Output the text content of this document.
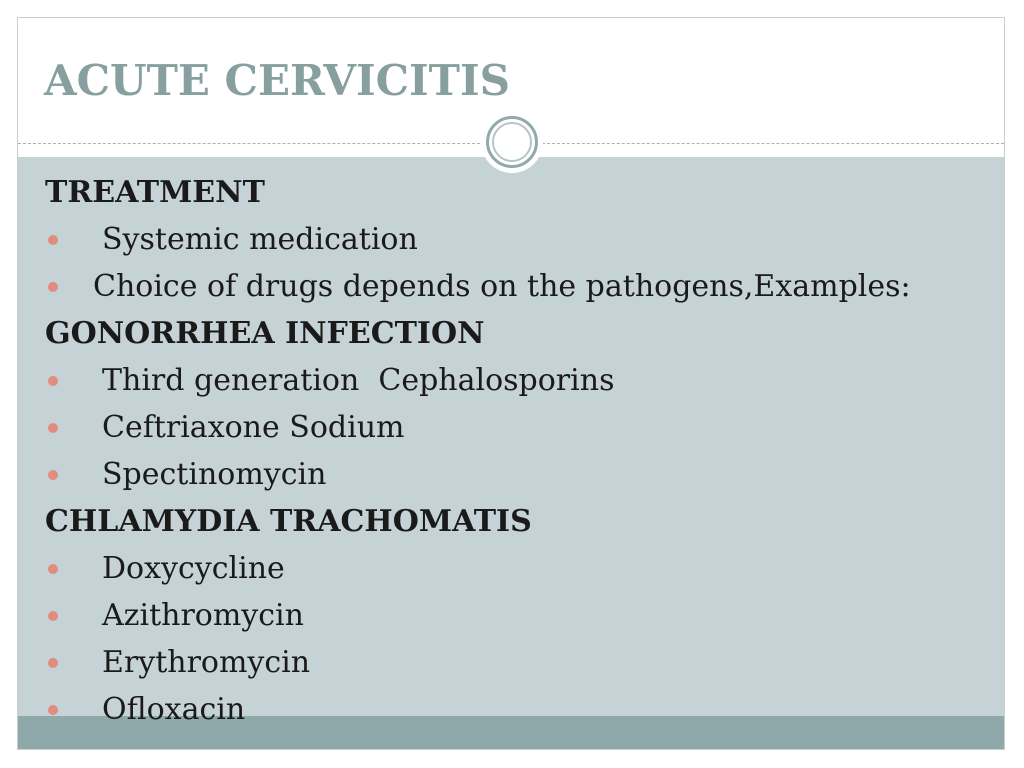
ACUTE CERVICITIS
TREATMENT
Systemic medication
Choice of drugs depends on the pathogens,Examples:
GONORRHEA INFECTION
Third generation  Cephalosporins
Ceftriaxone Sodium
Spectinomycin
CHLAMYDIA TRACHOMATIS
Doxycycline
Azithromycin
Erythromycin
Ofloxacin
